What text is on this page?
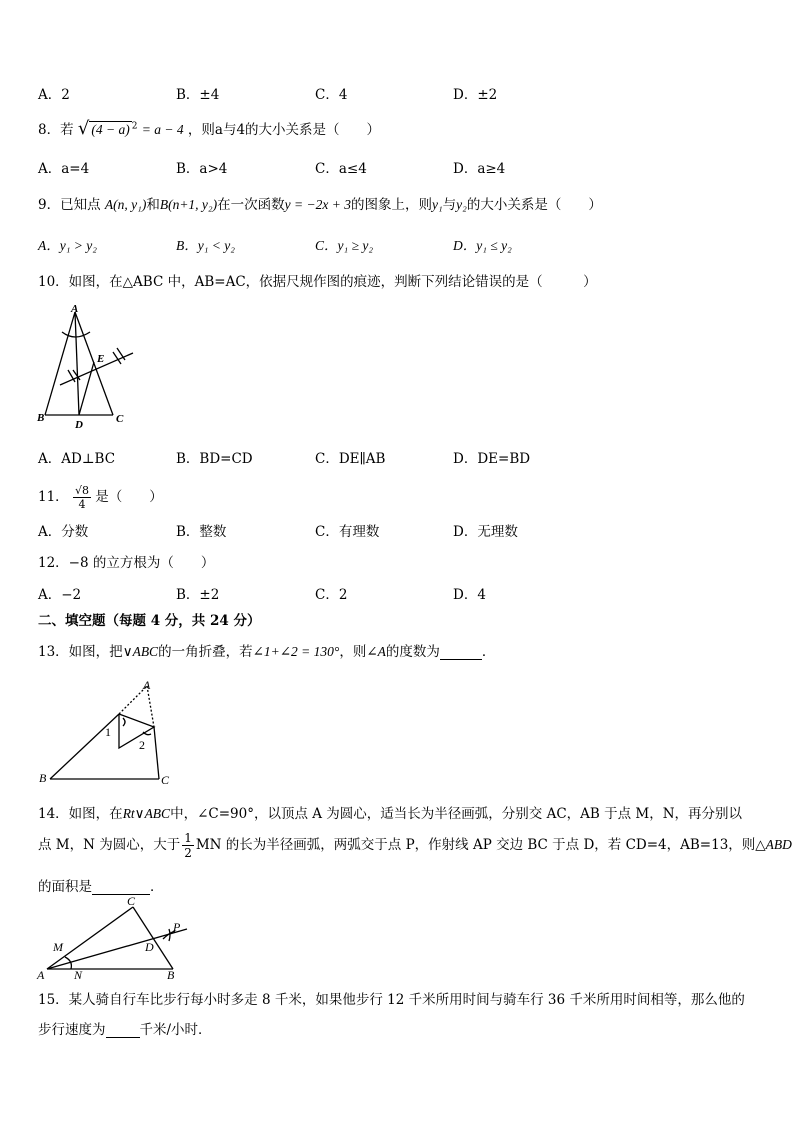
A．2	B．±4	C．4	D．±2
8．若 √ (4 − a) $^2$ = a − 4 ，则a与4的大小关系是（　　）
A．a=4	B．a>4	C．a≤4	D．a≥4
9．已知点 A(n, y₁)和B(n+1, y₂)在一次函数y = −2x + 3的图象上，则y₁与y₂的大小关系是（　　）
A．y₁ > y₂	B．y₁ < y₂	C．y₁ ≥ y₂	D．y₁ ≤ y₂
10．如图，在△ABC 中，AB=AC，依据尺规作图的痕迹，判断下列结论错误的是（　　　）
A
B	C
D
E
A．AD⊥BC	B．BD=CD	C．DE∥AB	D．DE=BD
11． $\frac{√8}{4}$ 是（　　）
A．分数	B．整数	C．有理数	D．无理数
12．−8 的立方根为（　　）
A．−2	B．±2	C．2	D．4
二、填空题（每题 4 分，共 24 分）
13．如图，把∨ABC的一角折叠，若∠1+∠2 = 130°，则∠A的度数为	．
A
B	C
1
2
14．如图，在Rt∨ABC中，∠C=90°，以顶点 A 为圆心，适当长为半径画弧，分别交 AC，AB 于点 M，N，再分别以
点 M，N 为圆心，大于 $\frac{1}{2}$ MN 的长为半径画弧，两弧交于点 P，作射线 AP 交边 BC 于点 D，若 CD=4，AB=13，则△ABD
的面积是	．
C
A	B
M
N
D
P
15．某人骑自行车比步行每小时多走 8 千米，如果他步行 12 千米所用时间与骑车行 36 千米所用时间相等，那么他的
步行速度为	千米/小时．
